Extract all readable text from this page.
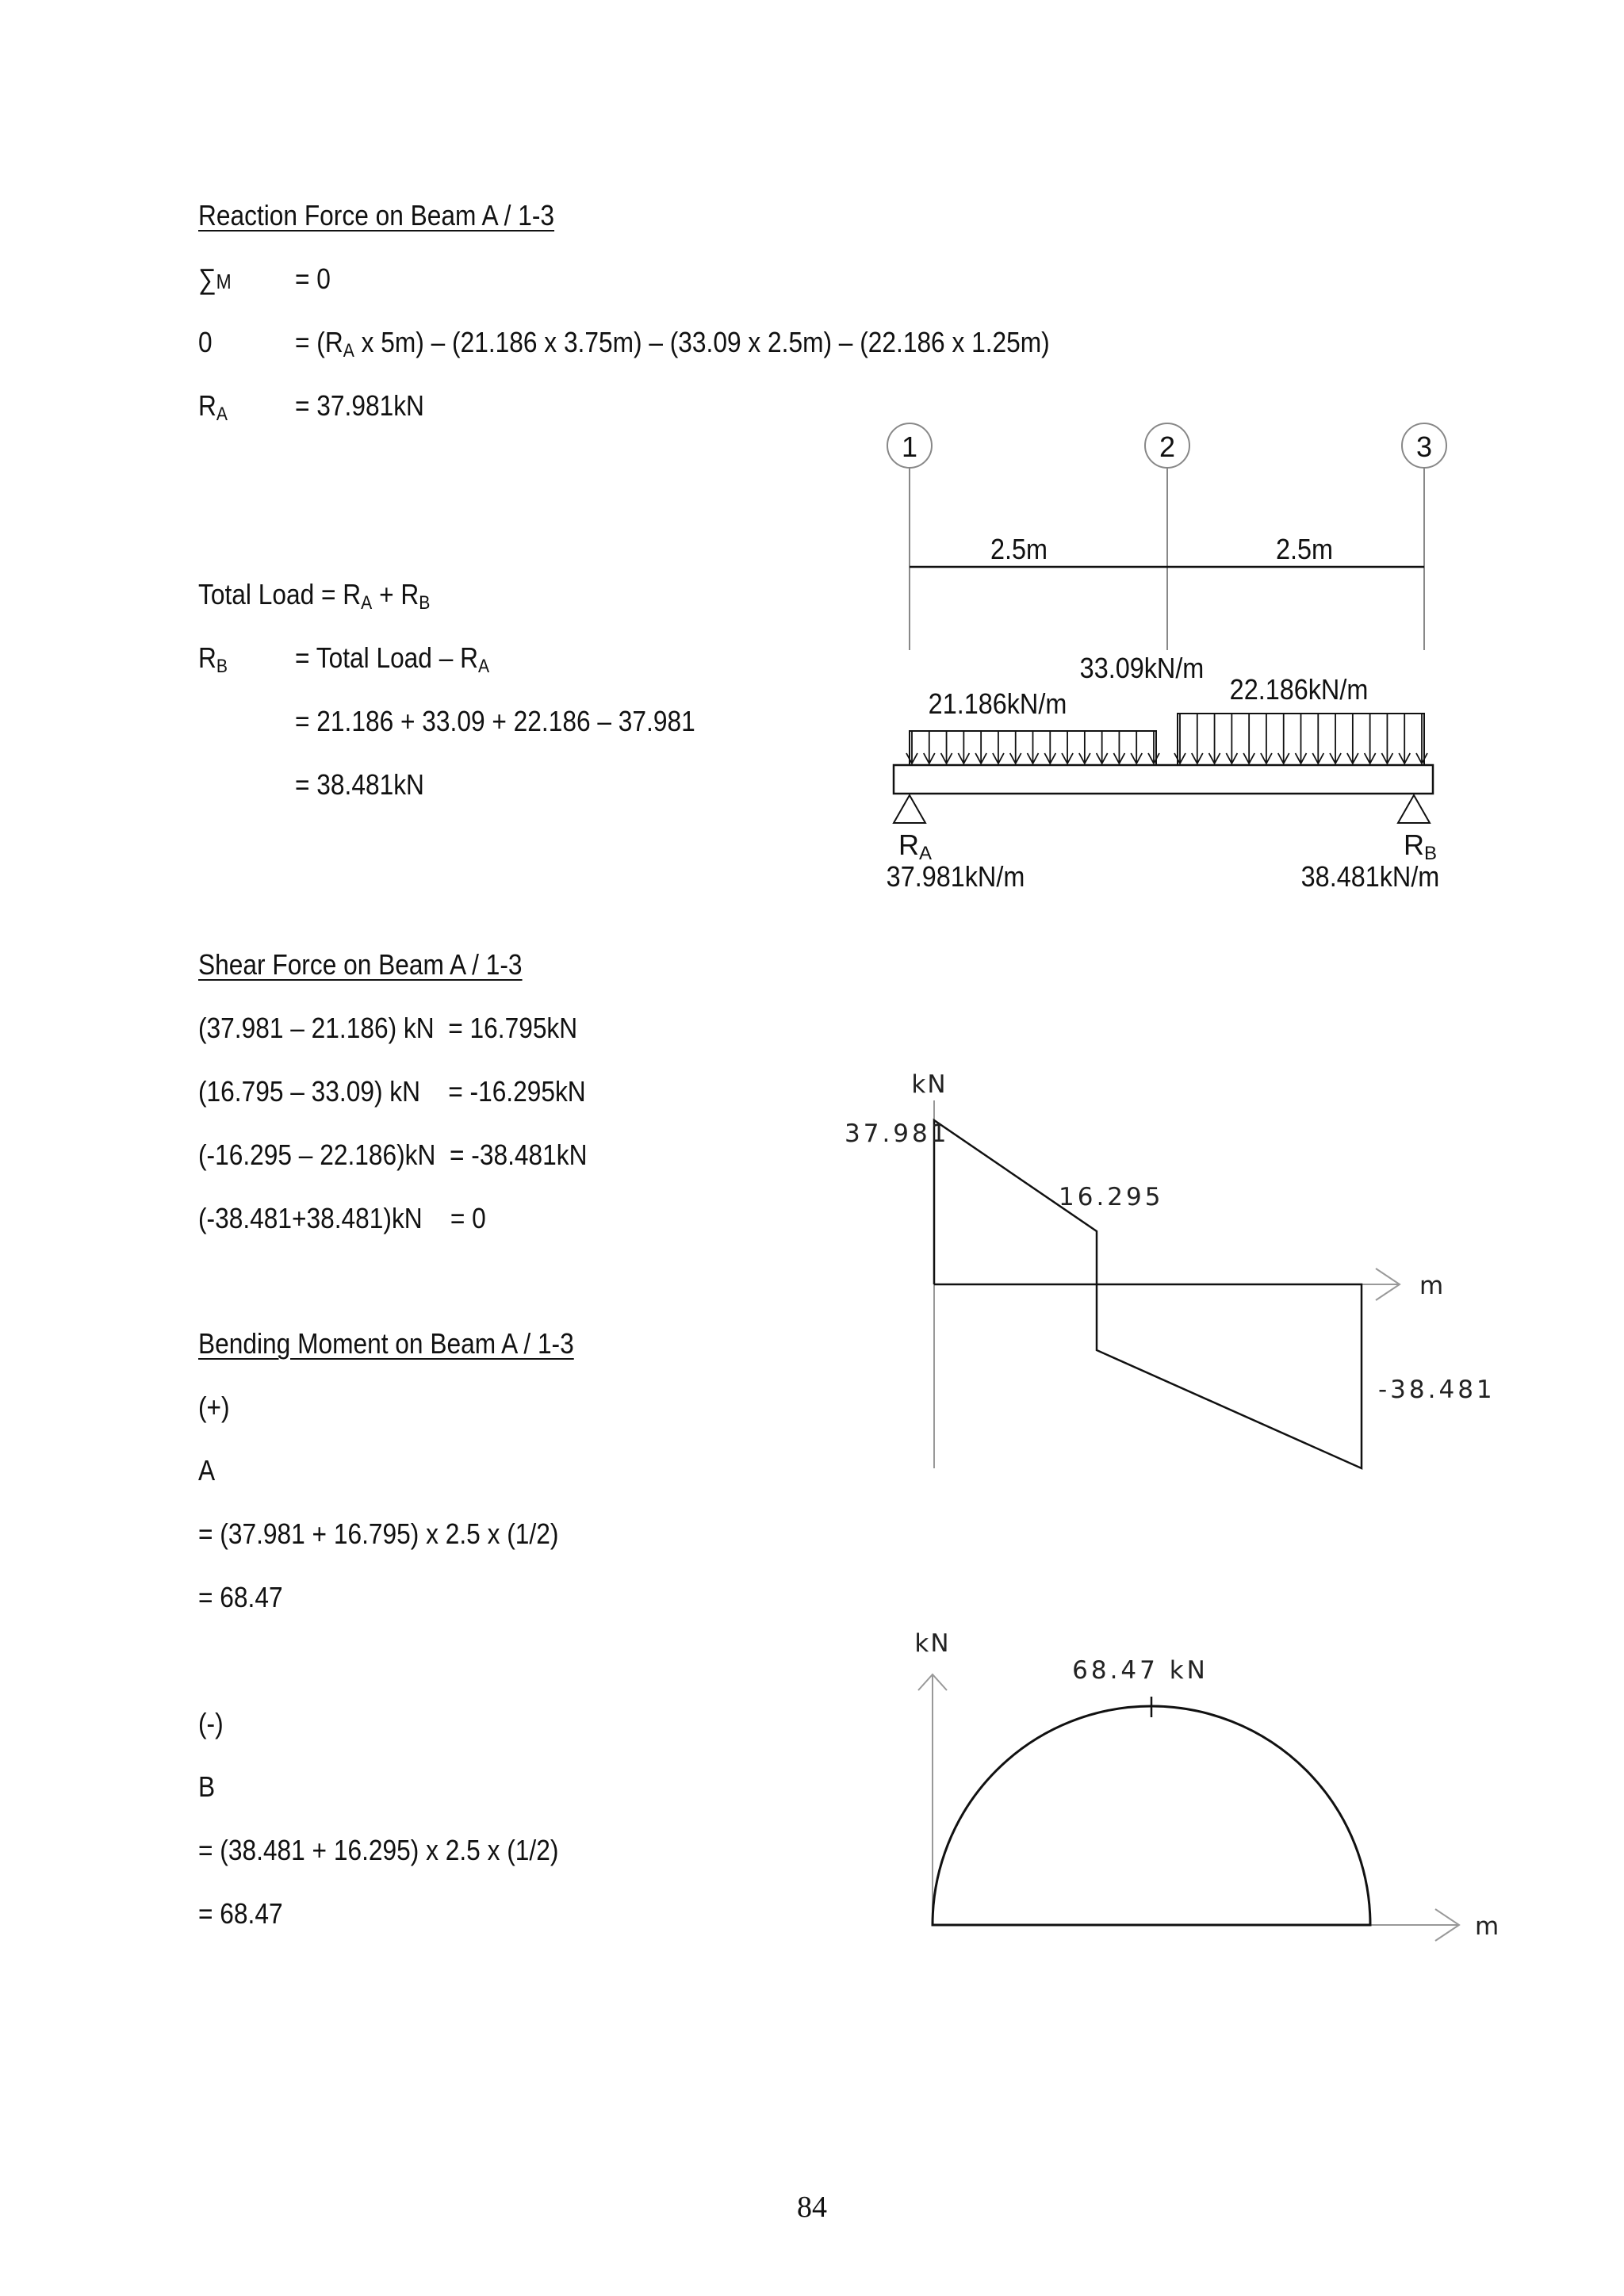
Reaction Force on Beam A / 1-3
∑M = 0
0	= ($R_A$ x 5m) – (21.186 x 3.75m) – (33.09 x 2.5m) – (22.186 x 1.25m)
$R_A = 37.981kN$
Total Load = $R_A + R_B$
$R_B$ = Total Load – $R_A$
= 21.186 + 33.09 + 22.186 – 37.981
= 38.481kN
Shear Force on Beam A / 1-3
(37.981 – 21.186) kN  = 16.795kN
(16.795 – 33.09) kN    = -16.295kN
(-16.295 – 22.186)kN  = -38.481kN
(-38.481+38.481)kN    = 0
Bending Moment on Beam A / 1-3
(+)
A
= (37.981 + 16.795) x 2.5 x (1/2)
= 68.47
(-)
B
= (38.481 + 16.295) x 2.5 x (1/2)
= 68.47
1	2	3
2.5m	2.5m
21.186kN/m
33.09kN/m
22.186kN/m
RA	RB
37.981kN/m	38.481kN/m
kN
m
37.981
16.295
-38.481
kN
m
68.47 kN
84
